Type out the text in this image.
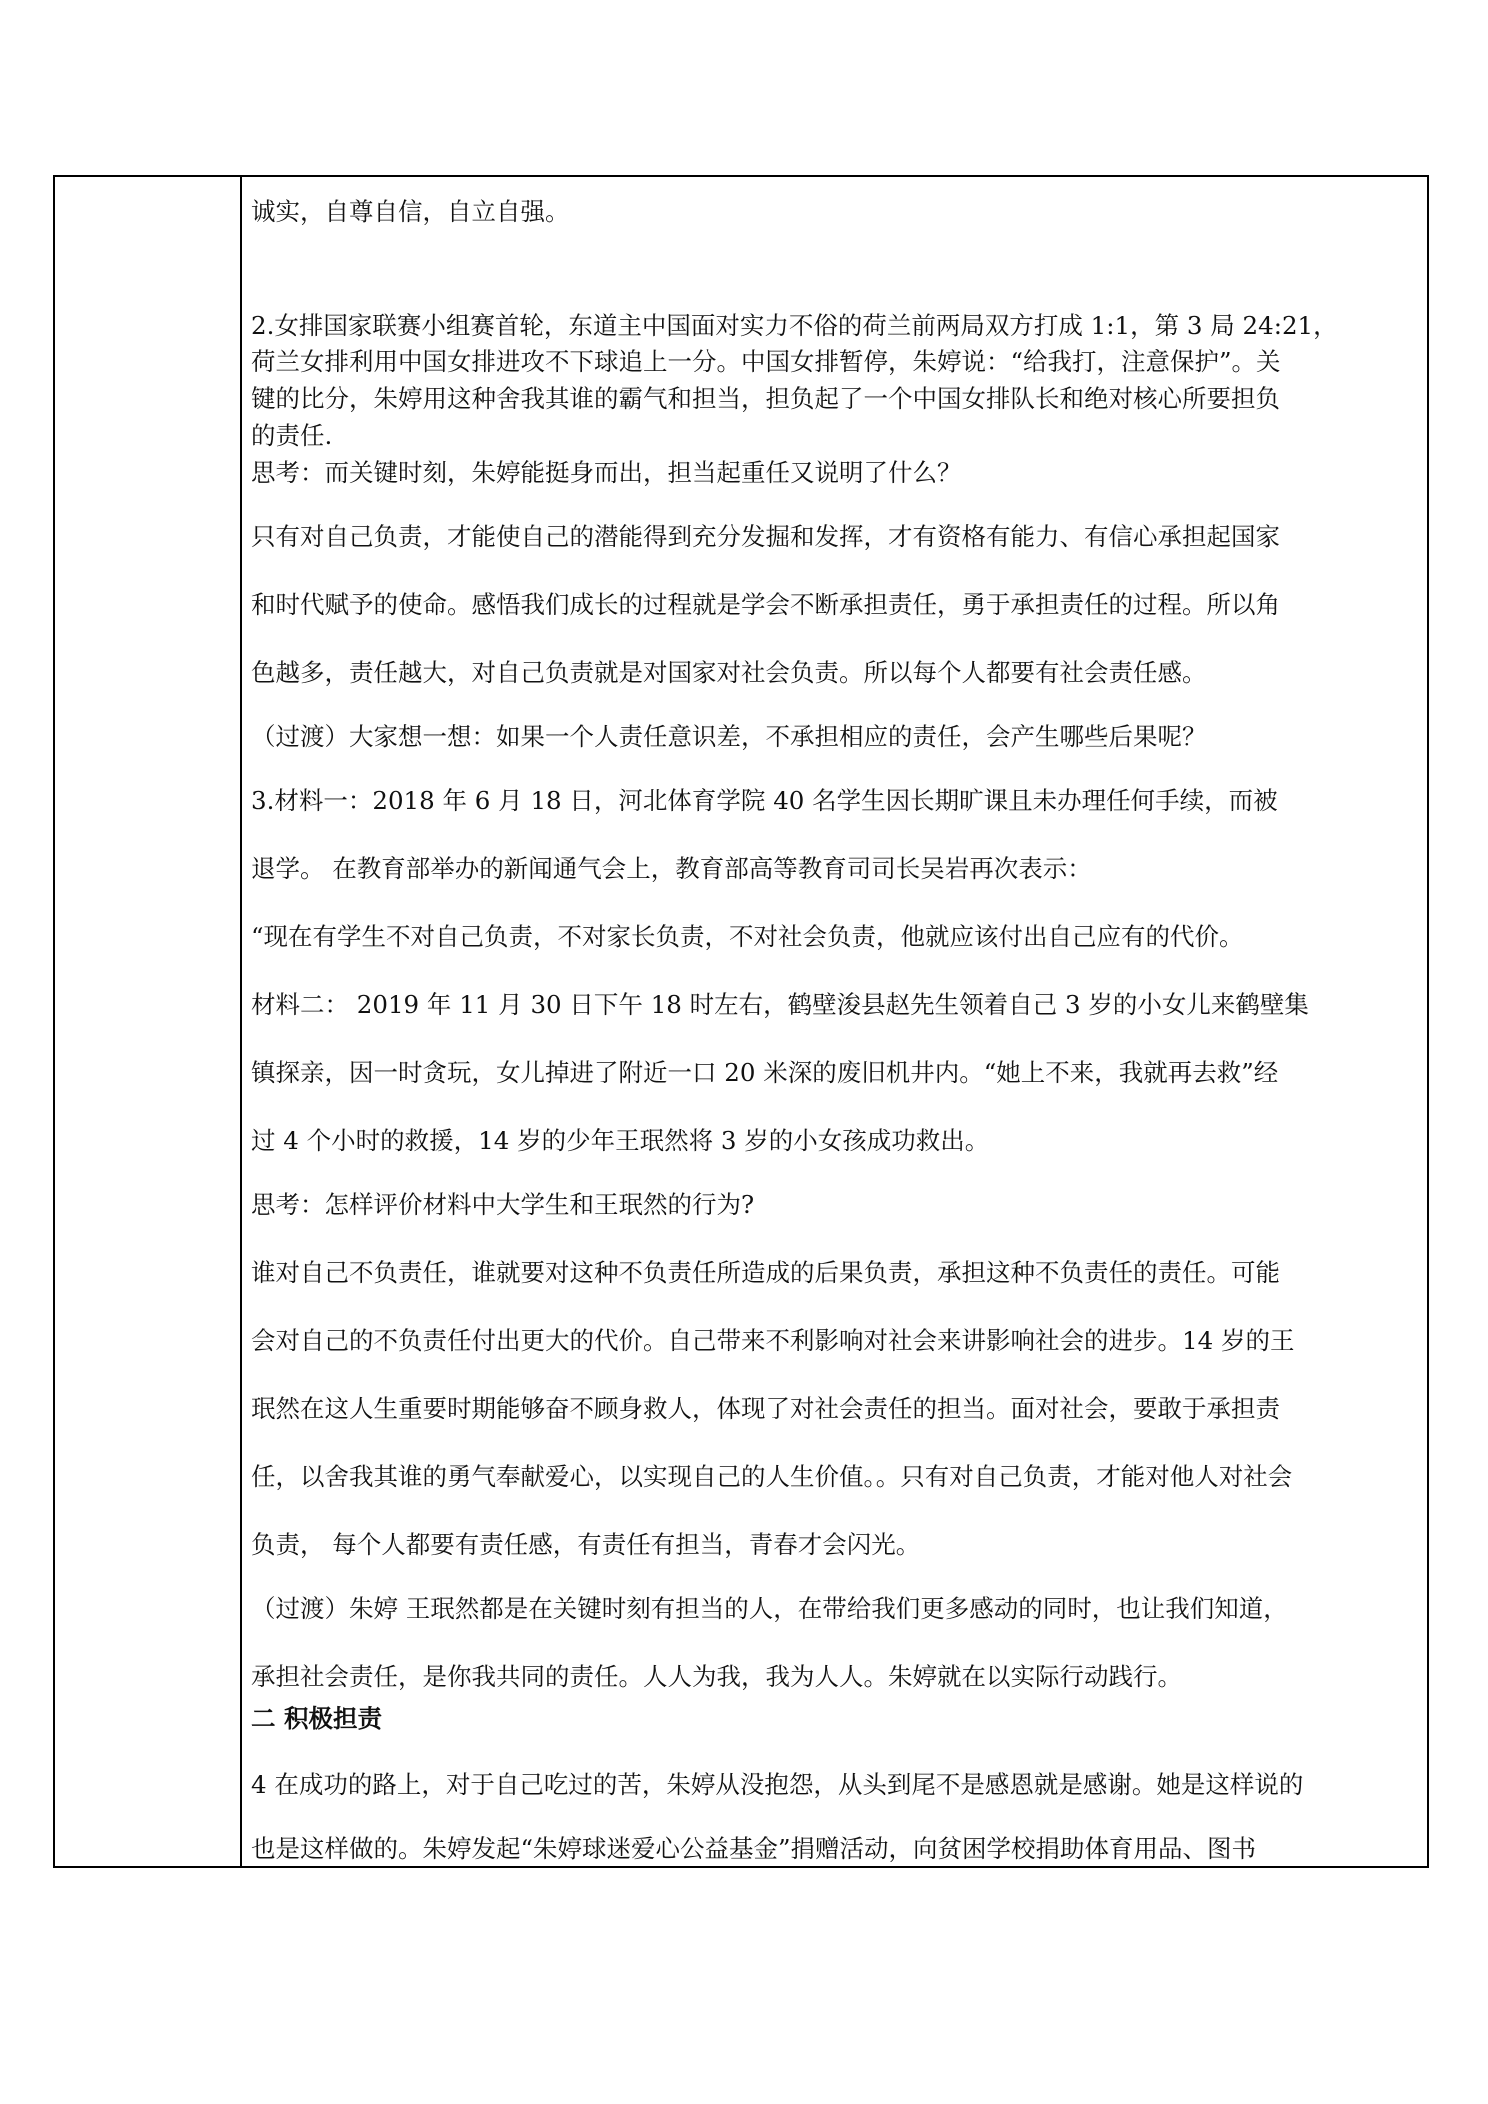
诚实，自尊自信，自立自强。

2.女排国家联赛小组赛首轮，东道主中国面对实力不俗的荷兰前两局双方打成 1:1，第 3 局 24:21，

荷兰女排利用中国女排进攻不下球追上一分。中国女排暂停，朱婷说：“给我打，注意保护”。关

键的比分，朱婷用这种舍我其谁的霸气和担当，担负起了一个中国女排队长和绝对核心所要担负

的责任.

思考：而关键时刻，朱婷能挺身而出，担当起重任又说明了什么？

只有对自己负责，才能使自己的潜能得到充分发掘和发挥，才有资格有能力、有信心承担起国家

和时代赋予的使命。感悟我们成长的过程就是学会不断承担责任，勇于承担责任的过程。所以角

色越多，责任越大，对自己负责就是对国家对社会负责。所以每个人都要有社会责任感。

（过渡）大家想一想：如果一个人责任意识差，不承担相应的责任，会产生哪些后果呢？

3.材料一：2018 年 6 月 18 日，河北体育学院 40 名学生因长期旷课且未办理任何手续，而被

退学。 在教育部举办的新闻通气会上，教育部高等教育司司长吴岩再次表示：

“现在有学生不对自己负责，不对家长负责，不对社会负责，他就应该付出自己应有的代价。

材料二： 2019 年 11 月 30 日下午 18 时左右，鹤壁浚县赵先生领着自己 3 岁的小女儿来鹤壁集

镇探亲，因一时贪玩，女儿掉进了附近一口 20 米深的废旧机井内。“她上不来，我就再去救”经

过 4 个小时的救援，14 岁的少年王珉然将 3 岁的小女孩成功救出。

思考：怎样评价材料中大学生和王珉然的行为?

谁对自己不负责任，谁就要对这种不负责任所造成的后果负责，承担这种不负责任的责任。可能

会对自己的不负责任付出更大的代价。自己带来不利影响对社会来讲影响社会的进步。14 岁的王

珉然在这人生重要时期能够奋不顾身救人，体现了对社会责任的担当。面对社会，要敢于承担责

任，以舍我其谁的勇气奉献爱心，以实现自己的人生价值。。只有对自己负责，才能对他人对社会

负责， 每个人都要有责任感，有责任有担当，青春才会闪光。

（过渡）朱婷 王珉然都是在关键时刻有担当的人，在带给我们更多感动的同时，也让我们知道，

承担社会责任，是你我共同的责任。人人为我，我为人人。朱婷就在以实际行动践行。

二 积极担责

4 在成功的路上，对于自己吃过的苦，朱婷从没抱怨，从头到尾不是感恩就是感谢。她是这样说的

也是这样做的。朱婷发起“朱婷球迷爱心公益基金”捐赠活动，向贫困学校捐助体育用品、图书
